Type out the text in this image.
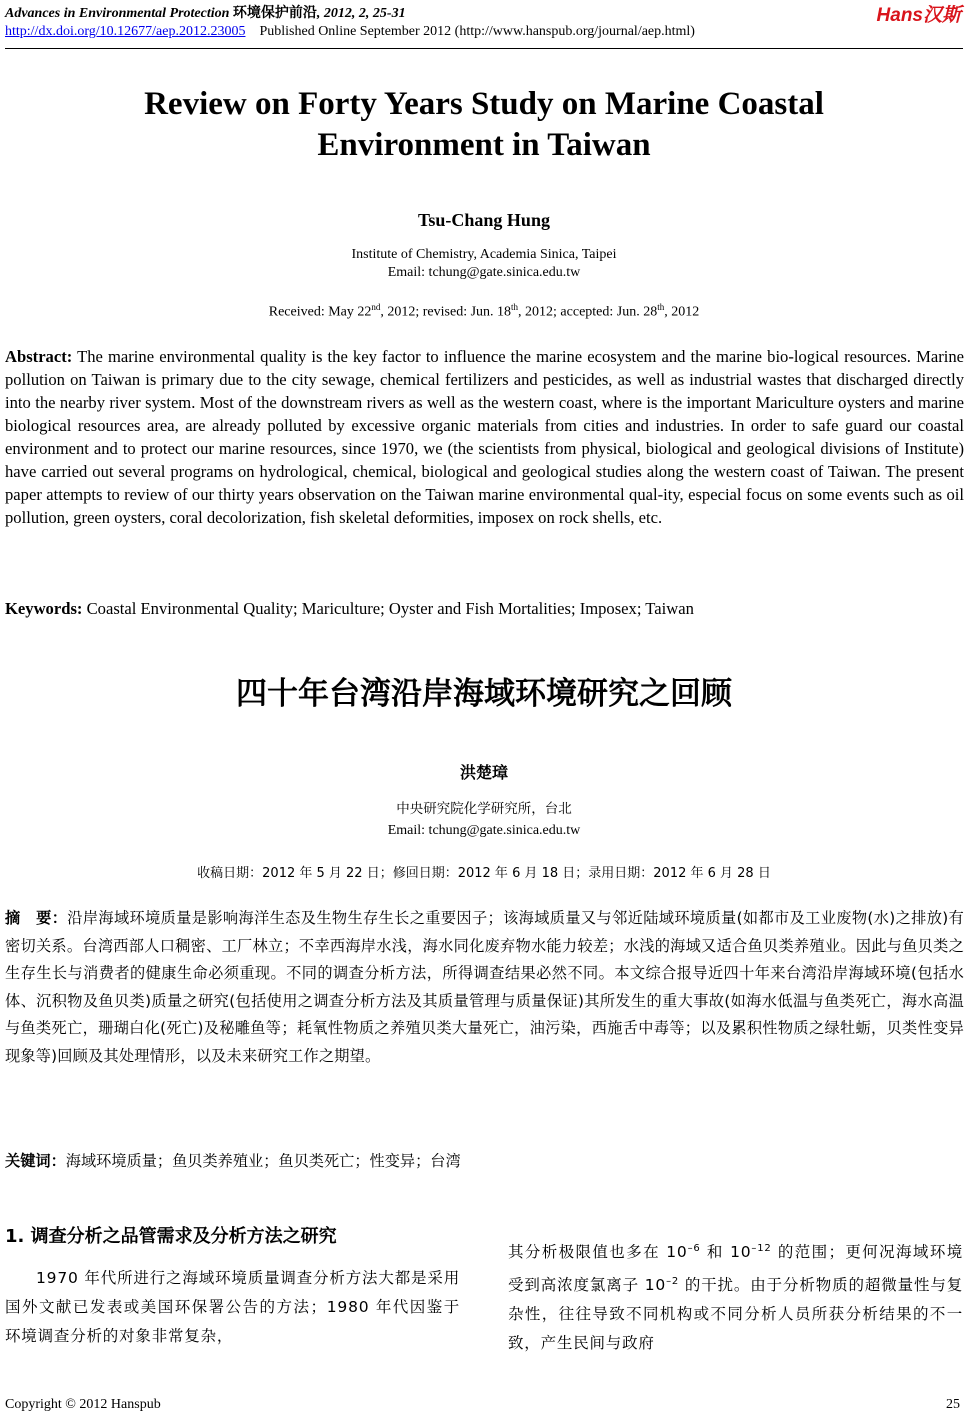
Advances in Environmental Protection 环境保护前沿, 2012, 2, 25-31
http://dx.doi.org/10.12677/aep.2012.23005 Published Online September 2012 (http://www.hanspub.org/journal/aep.html)
Hans汉斯
Review on Forty Years Study on Marine Coastal
Environment in Taiwan
Tsu-Chang Hung
Institute of Chemistry, Academia Sinica, Taipei
Email: tchung@gate.sinica.edu.tw
Received: May 22nd, 2012; revised: Jun. 18th, 2012; accepted: Jun. 28th, 2012
Abstract: The marine environmental quality is the key factor to influence the marine ecosystem and the marine bio-logical resources. Marine pollution on Taiwan is primary due to the city sewage, chemical fertilizers and pesticides, as well as industrial wastes that discharged directly into the nearby river system. Most of the downstream rivers as well as the western coast, where is the important Mariculture oysters and marine biological resources area, are already polluted by excessive organic materials from cities and industries. In order to safe guard our coastal environment and to protect our marine resources, since 1970, we (the scientists from physical, biological and geological divisions of Institute) have carried out several programs on hydrological, chemical, biological and geological studies along the western coast of Taiwan. The present paper attempts to review of our thirty years observation on the Taiwan marine environmental qual-ity, especial focus on some events such as oil pollution, green oysters, coral decolorization, fish skeletal deformities, imposex on rock shells, etc.
Keywords: Coastal Environmental Quality; Mariculture; Oyster and Fish Mortalities; Imposex; Taiwan
四十年台湾沿岸海域环境研究之回顾
洪楚璋
中央研究院化学研究所，台北
Email: tchung@gate.sinica.edu.tw
收稿日期：2012 年 5 月 22 日；修回日期：2012 年 6 月 18 日；录用日期：2012 年 6 月 28 日
摘　要：沿岸海域环境质量是影响海洋生态及生物生存生长之重要因子；该海域质量又与邻近陆域环境质量(如都市及工业废物(水)之排放)有密切关系。台湾西部人口稠密、工厂林立；不幸西海岸水浅，海水同化废弃物水能力较差；水浅的海域又适合鱼贝类养殖业。因此与鱼贝类之生存生长与消费者的健康生命必须重现。不同的调查分析方法，所得调查结果必然不同。本文综合报导近四十年来台湾沿岸海域环境(包括水体、沉积物及鱼贝类)质量之研究(包括使用之调查分析方法及其质量管理与质量保证)其所发生的重大事故(如海水低温与鱼类死亡，海水高温与鱼类死亡，珊瑚白化(死亡)及秘雕鱼等；耗氧性物质之养殖贝类大量死亡，油污染，西施舌中毒等；以及累积性物质之绿牡蛎，贝类性变异现象等)回顾及其处理情形，以及未来研究工作之期望。
关键词：海域环境质量；鱼贝类养殖业；鱼贝类死亡；性变异；台湾
1. 调查分析之品管需求及分析方法之研究

1970 年代所进行之海域环境质量调查分析方法大都是采用国外文献已发表或美国环保署公告的方法；1980 年代因鉴于环境调查分析的对象非常复杂，

其分析极限值也多在 $10^{-6}$ 和 $10^{-12}$ 的范围；更何况海域环境受到高浓度氯离子 $10^{-2}$ 的干扰。由于分析物质的超微量性与复杂性，往往导致不同机构或不同分析人员所获分析结果的不一致，产生民间与政府

Copyright © 2012 Hanspub	25
